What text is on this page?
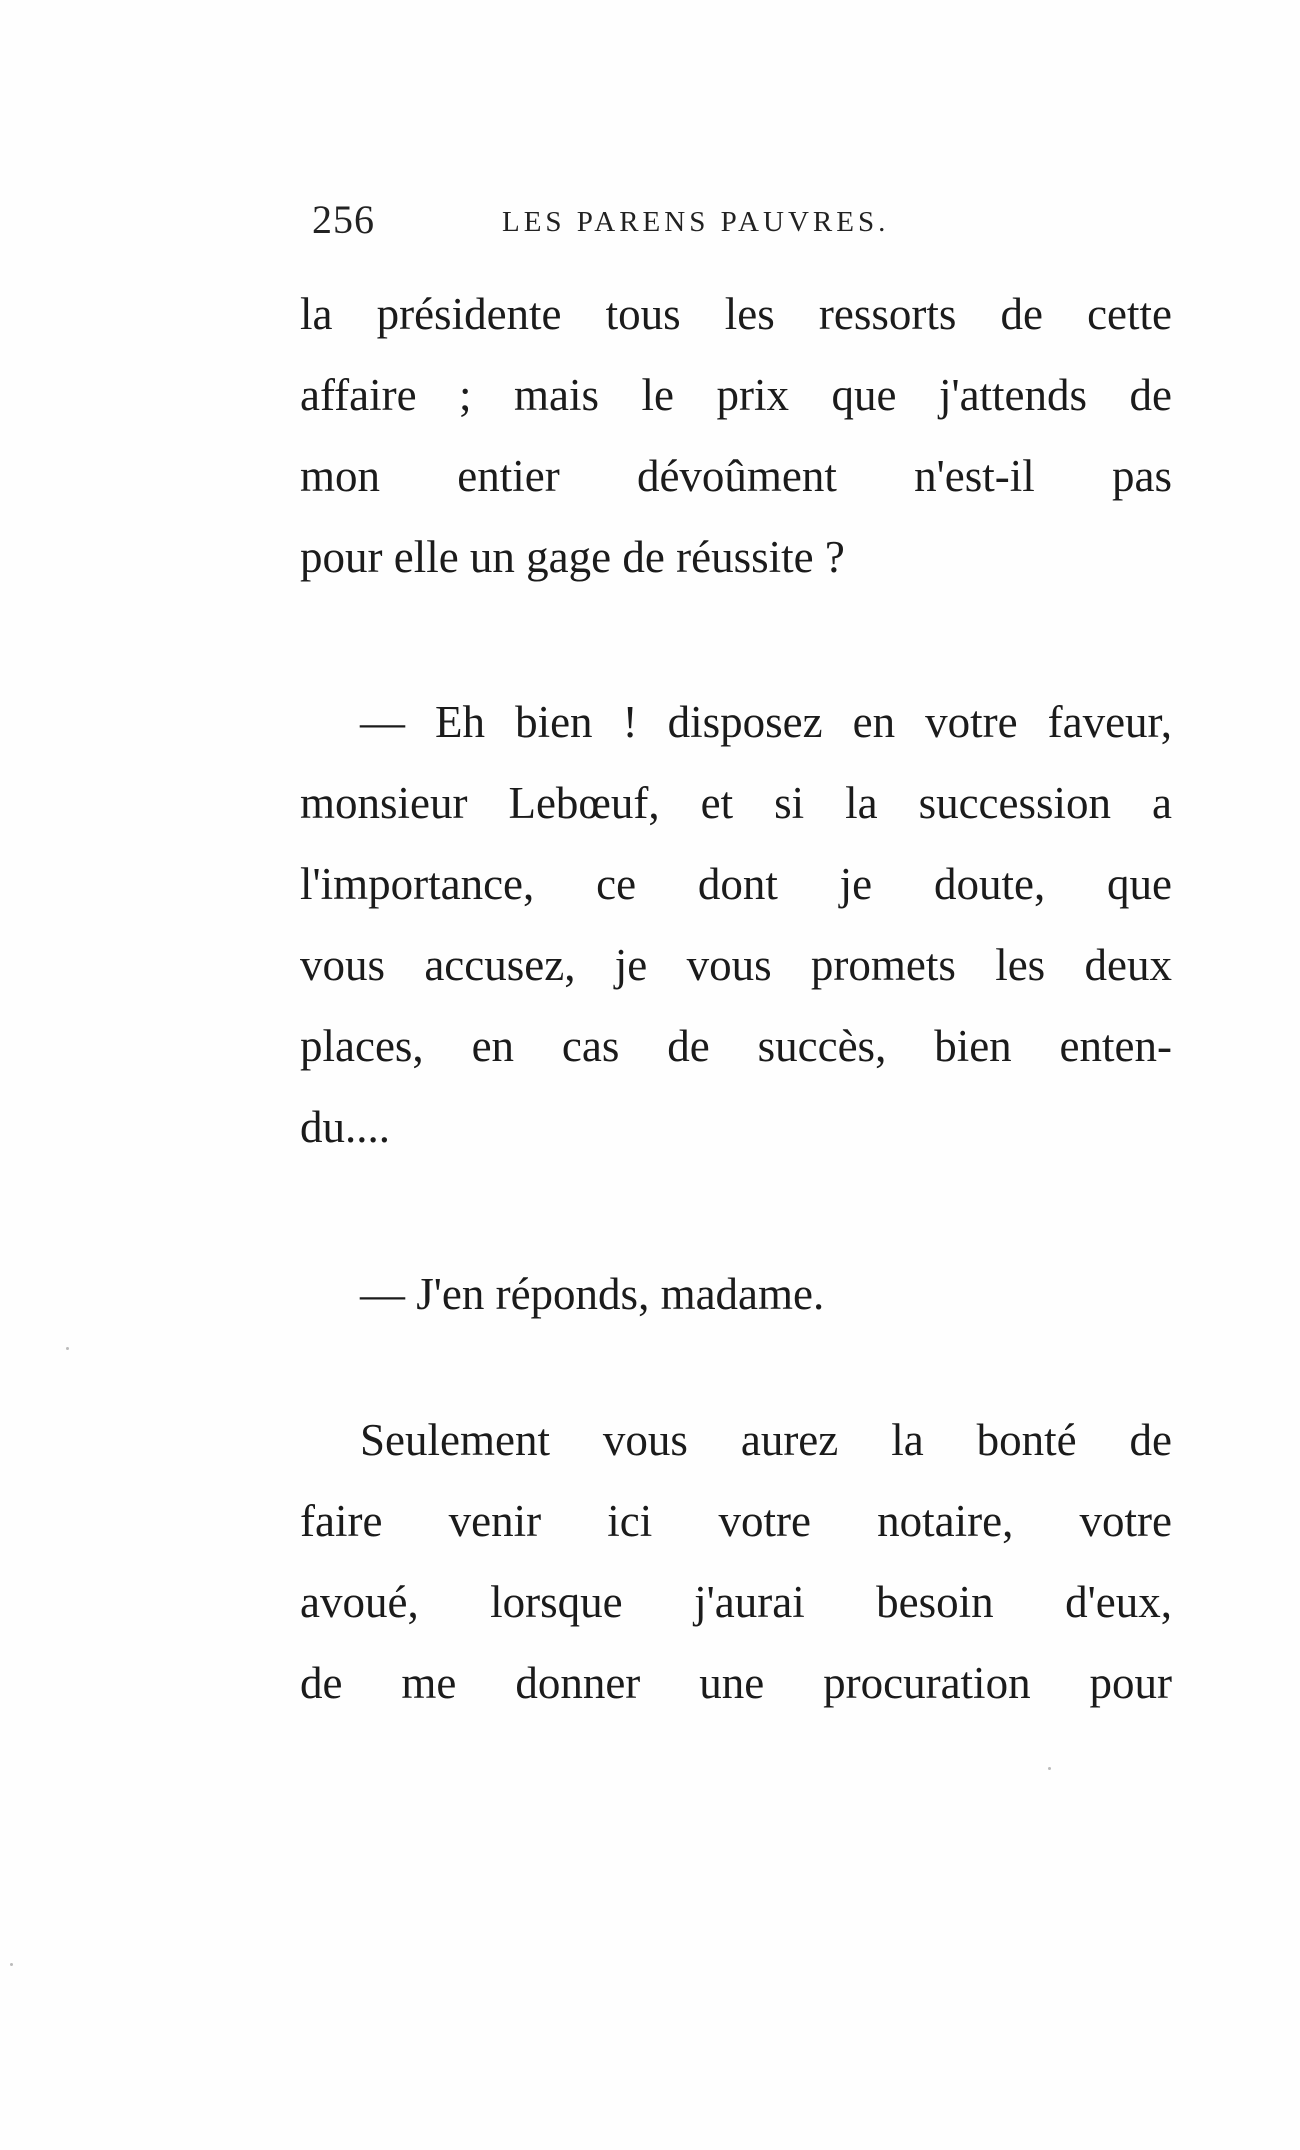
256	LES PARENS PAUVRES.
la présidente tous les ressorts de cette
affaire ; mais le prix que j'attends de
mon entier dévoûment n'est-il pas
pour elle un gage de réussite ?
— Eh bien ! disposez en votre faveur,
monsieur Lebœuf, et si la succession a
l'importance, ce dont je doute, que
vous accusez, je vous promets les deux
places, en cas de succès, bien enten-
du....
— J'en réponds, madame.
Seulement vous aurez la bonté de
faire venir ici votre notaire, votre
avoué, lorsque j'aurai besoin d'eux,
de me donner une procuration pour
